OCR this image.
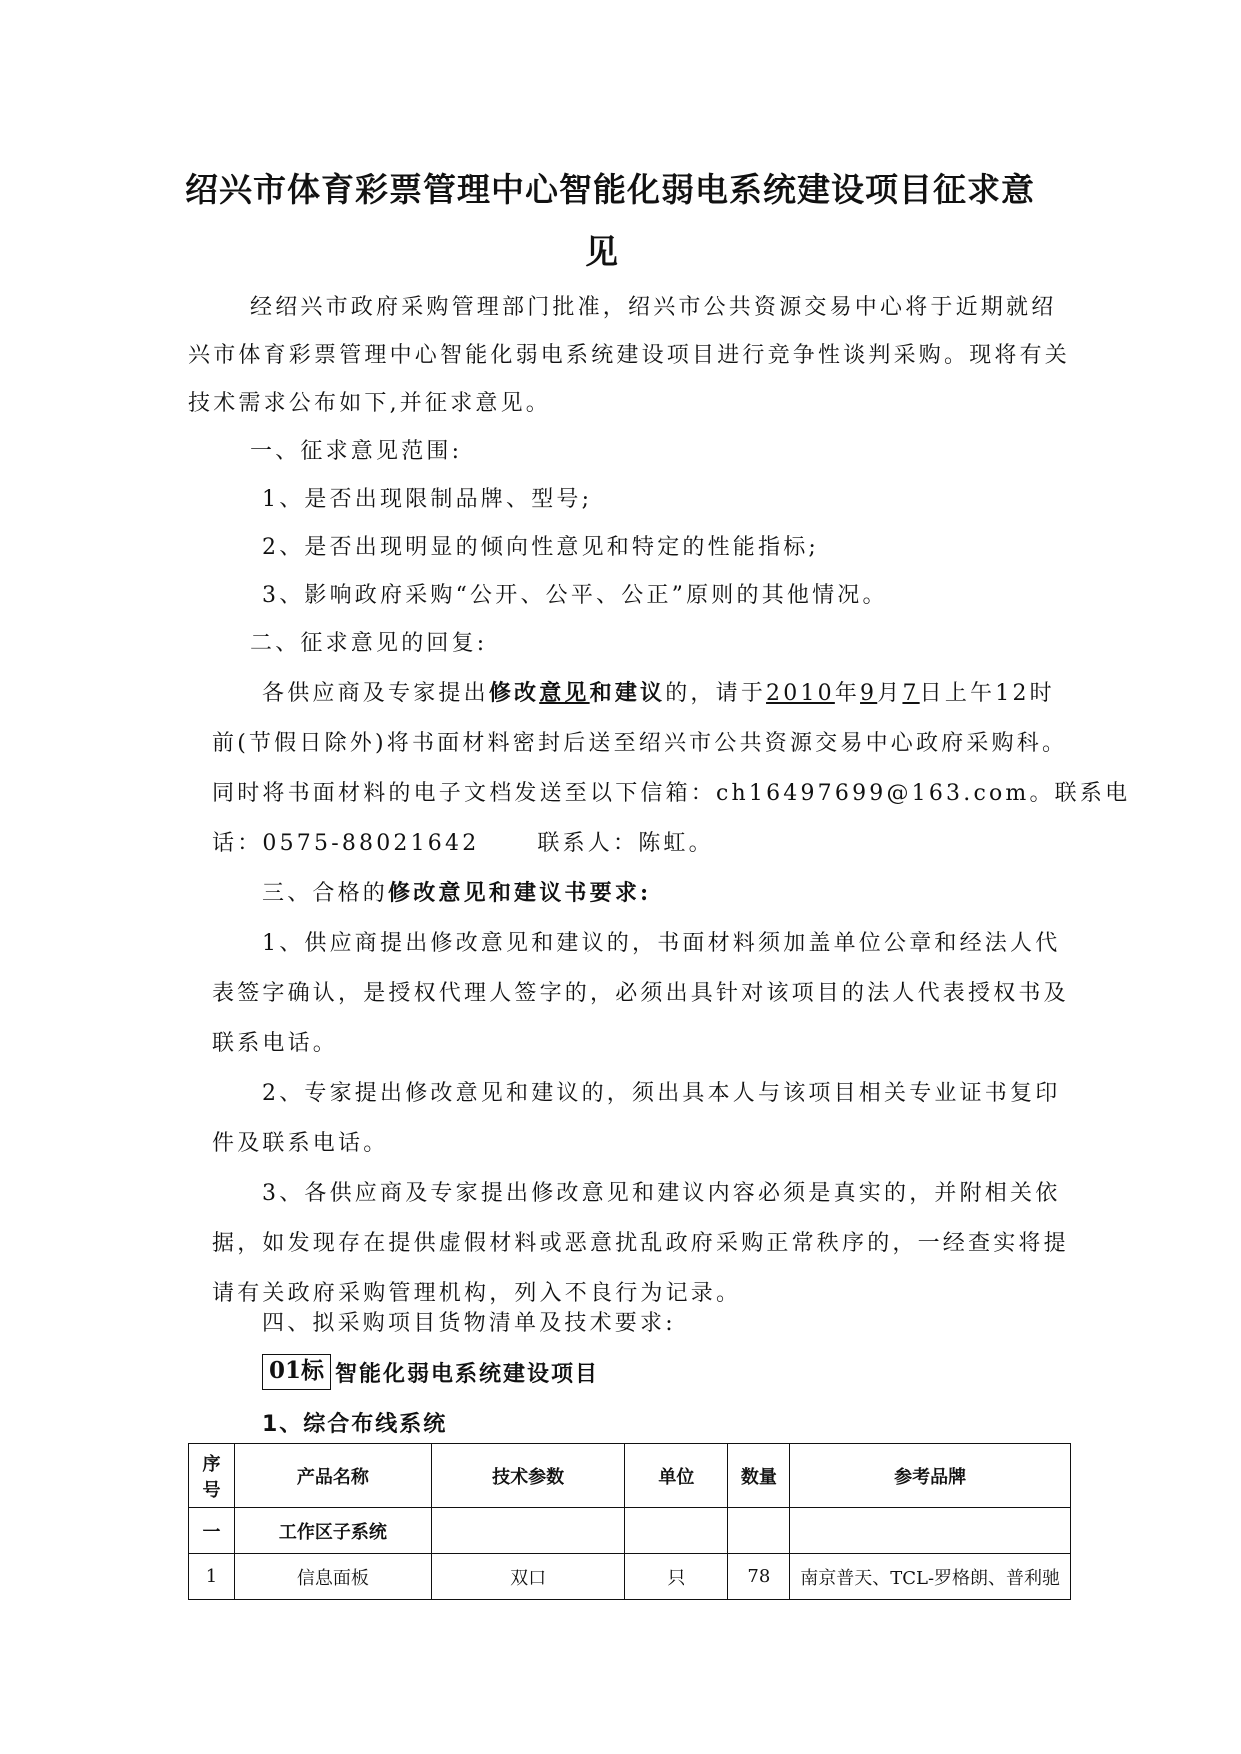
绍兴市体育彩票管理中心智能化弱电系统建设项目征求意
见
经绍兴市政府采购管理部门批准，绍兴市公共资源交易中心将于近期就绍
兴市体育彩票管理中心智能化弱电系统建设项目进行竞争性谈判采购。现将有关
技术需求公布如下,并征求意见。
一、征求意见范围:
1、是否出现限制品牌、型号;
2、是否出现明显的倾向性意见和特定的性能指标;
3、影响政府采购“公开、公平、公正”原则的其他情况。
二、征求意见的回复:
各供应商及专家提出修改意见和建议的，请于2010年9月7日上午12时
前(节假日除外)将书面材料密封后送至绍兴市公共资源交易中心政府采购科。
同时将书面材料的电子文档发送至以下信箱：ch16497699@163.com。联系电
话：0575-88021642	联系人：陈虹。
三、合格的修改意见和建议书要求:
1、供应商提出修改意见和建议的，书面材料须加盖单位公章和经法人代
表签字确认，是授权代理人签字的，必须出具针对该项目的法人代表授权书及
联系电话。
2、专家提出修改意见和建议的，须出具本人与该项目相关专业证书复印
件及联系电话。
3、各供应商及专家提出修改意见和建议内容必须是真实的，并附相关依
据，如发现存在提供虚假材料或恶意扰乱政府采购正常秩序的，一经查实将提
请有关政府采购管理机构，列入不良行为记录。
四、拟采购项目货物清单及技术要求:
01标 智能化弱电系统建设项目
1、综合布线系统
序号	产品名称	技术参数	单位	数量	参考品牌
一	工作区子系统				
1	信息面板	双口	只	78	南京普天、TCL-罗格朗、普利驰
